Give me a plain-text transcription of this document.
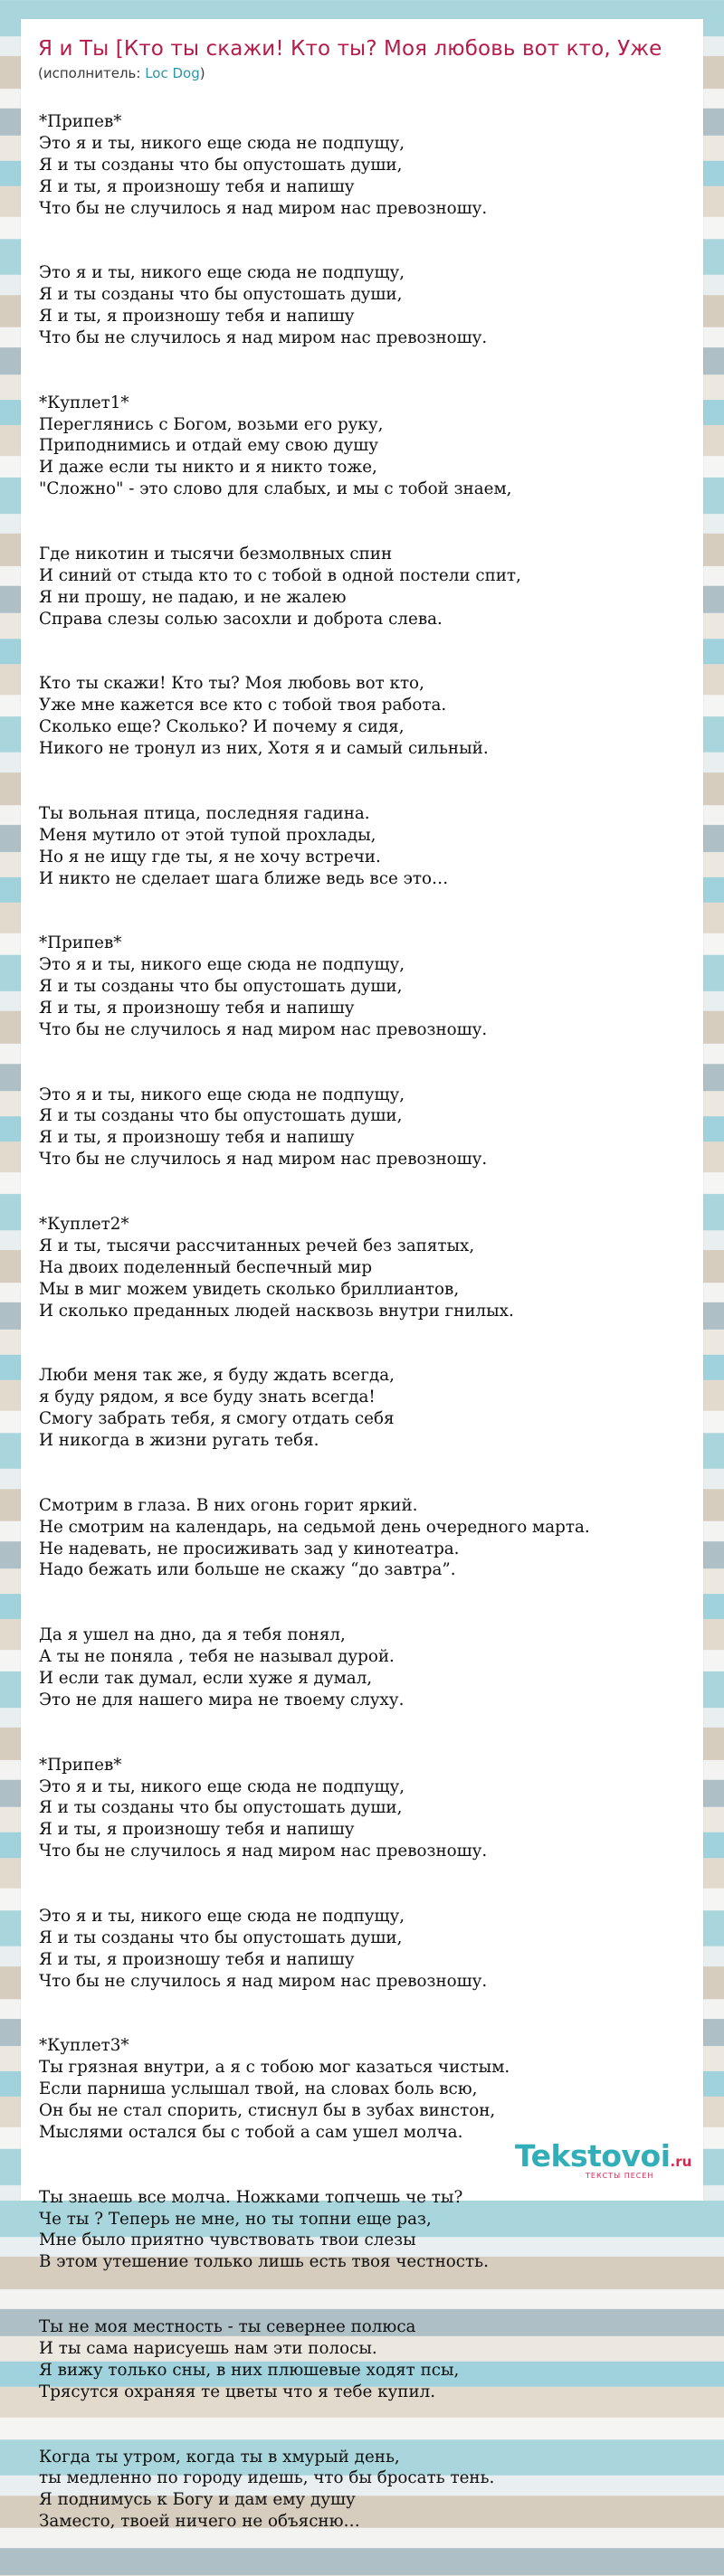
Я и Ты [Кто ты скажи! Кто ты? Моя любовь вот кто, Уже
(исполнитель: Loc Dog)

*Припев*
Это я и ты, никого еще сюда не подпущу,
Я и ты созданы что бы опустошать души,
Я и ты, я произношу тебя и напишу
Что бы не случилось я над миром нас превозношу.

Это я и ты, никого еще сюда не подпущу,
Я и ты созданы что бы опустошать души,
Я и ты, я произношу тебя и напишу
Что бы не случилось я над миром нас превозношу.

*Куплет1*
Переглянись с Богом, возьми его руку,
Приподнимись и отдай ему свою душу
И даже если ты никто и я никто тоже,
"Сложно" - это слово для слабых, и мы с тобой знаем,

Где никотин и тысячи безмолвных спин
И синий от стыда кто то с тобой в одной постели спит,
Я ни прошу, не падаю, и не жалею
Справа слезы солью засохли и доброта слева.

Кто ты скажи! Кто ты? Моя любовь вот кто,
Уже мне кажется все кто с тобой твоя работа.
Сколько еще? Сколько? И почему я сидя,
Никого не тронул из них, Хотя я и самый сильный.

Ты вольная птица, последняя гадина.
Меня мутило от этой тупой прохлады,
Но я не ищу где ты, я не хочу встречи.
И никто не сделает шага ближе ведь все это…

*Припев*
Это я и ты, никого еще сюда не подпущу,
Я и ты созданы что бы опустошать души,
Я и ты, я произношу тебя и напишу
Что бы не случилось я над миром нас превозношу.

Это я и ты, никого еще сюда не подпущу,
Я и ты созданы что бы опустошать души,
Я и ты, я произношу тебя и напишу
Что бы не случилось я над миром нас превозношу.

*Куплет2*
Я и ты, тысячи рассчитанных речей без запятых,
На двоих поделенный беспечный мир
Мы в миг можем увидеть сколько бриллиантов,
И сколько преданных людей насквозь внутри гнилых.

Люби меня так же, я буду ждать всегда,
я буду рядом, я все буду знать всегда!
Смогу забрать тебя, я смогу отдать себя
И никогда в жизни ругать тебя.

Смотрим в глаза. В них огонь горит яркий.
Не смотрим на календарь, на седьмой день очередного марта.
Не надевать, не просиживать зад у кинотеатра.
Надо бежать или больше не скажу “до завтра”.

Да я ушел на дно, да я тебя понял,
А ты не поняла , тебя не называл дурой.
И если так думал, если хуже я думал,
Это не для нашего мира не твоему слуху.

*Припев*
Это я и ты, никого еще сюда не подпущу,
Я и ты созданы что бы опустошать души,
Я и ты, я произношу тебя и напишу
Что бы не случилось я над миром нас превозношу.

Это я и ты, никого еще сюда не подпущу,
Я и ты созданы что бы опустошать души,
Я и ты, я произношу тебя и напишу
Что бы не случилось я над миром нас превозношу.

*Куплет3*
Ты грязная внутри, а я с тобою мог казаться чистым.
Если парниша услышал твой, на словах боль всю,
Он бы не стал спорить, стиснул бы в зубах винстон,
Мыслями остался бы с тобой а сам ушел молча.

Ты знаешь все молча. Ножками топчешь че ты?
Че ты ? Теперь не мне, но ты топни еще раз,
Мне было приятно чувствовать твои слезы
В этом утешение только лишь есть твоя честность.

Ты не моя местность - ты севернее полюса
И ты сама нарисуешь нам эти полосы.
Я вижу только сны, в них плюшевые ходят псы,
Трясутся охраняя те цветы что я тебе купил.

Когда ты утром, когда ты в хмурый день,
ты медленно по городу идешь, что бы бросать тень.
Я поднимусь к Богу и дам ему душу
Заместо, твоей ничего не объясню…

Tekstovoi.ru
ТЕКСТЫ ПЕСЕН
